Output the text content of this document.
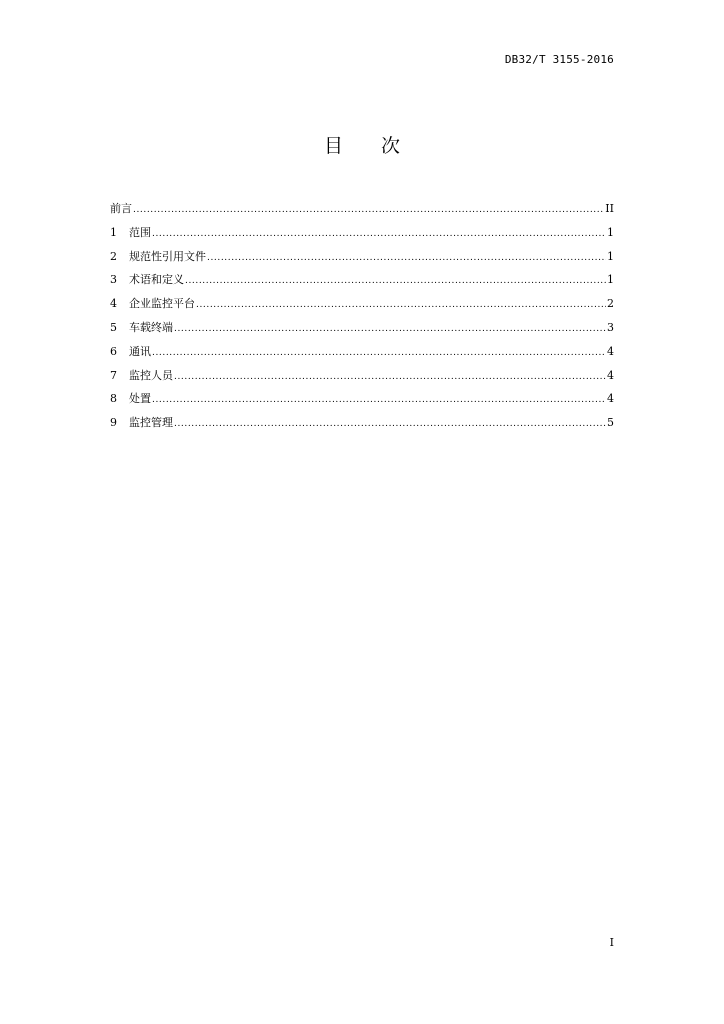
DB32/T 3155-2016
目 次
前言 .....	II
1	范围 .....	1
2	规范性引用文件 .....	1
3	术语和定义 .....	1
4	企业监控平台 .....	2
5	车载终端 .....	3
6	通讯 .....	4
7	监控人员 .....	4
8	处置 .....	4
9	监控管理 .....	5
I
